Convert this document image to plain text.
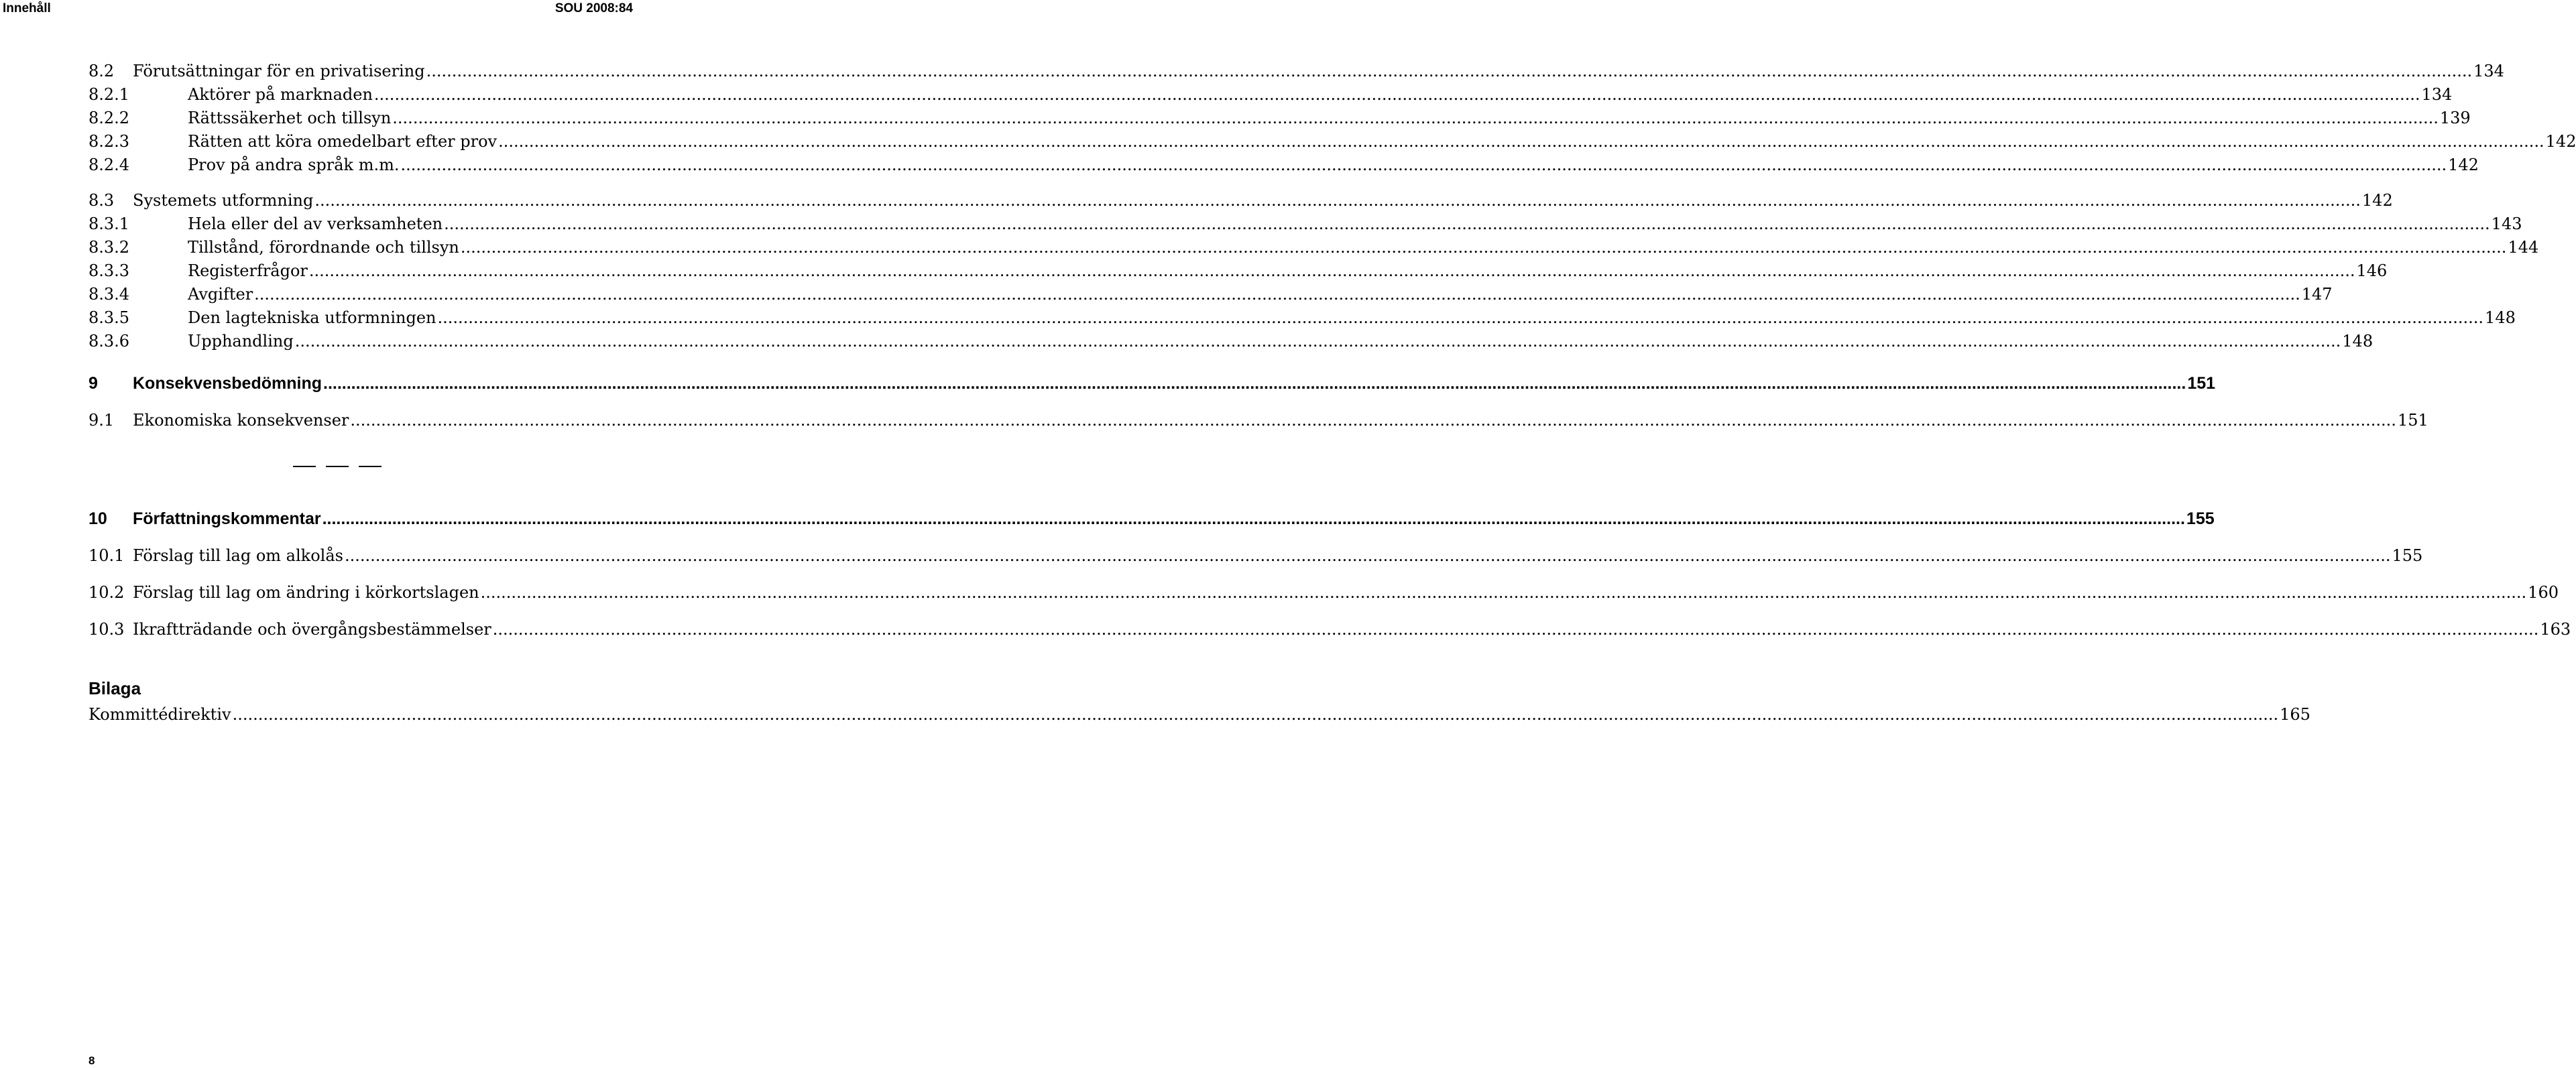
Innehåll	SOU 2008:84
8.2	Förutsättningar för en privatisering ................................................................................................................................................................................................................................................................................................................................................................................................................ 134
8.2.1	Aktörer på marknaden ................................................................................................................................................................................................................................................................................................................................................................................................................ 134
8.2.2	Rättssäkerhet och tillsyn ................................................................................................................................................................................................................................................................................................................................................................................................................ 139
8.2.3	Rätten att köra omedelbart efter prov ................................................................................................................................................................................................................................................................................................................................................................................................................ 142
8.2.4	Prov på andra språk m.m. ................................................................................................................................................................................................................................................................................................................................................................................................................ 142
8.3	Systemets utformning ................................................................................................................................................................................................................................................................................................................................................................................................................ 142
8.3.1	Hela eller del av verksamheten ................................................................................................................................................................................................................................................................................................................................................................................................................ 143
8.3.2	Tillstånd, förordnande och tillsyn ................................................................................................................................................................................................................................................................................................................................................................................................................ 144
8.3.3	Registerfrågor ................................................................................................................................................................................................................................................................................................................................................................................................................ 146
8.3.4	Avgifter ................................................................................................................................................................................................................................................................................................................................................................................................................ 147
8.3.5	Den lagtekniska utformningen ................................................................................................................................................................................................................................................................................................................................................................................................................ 148
8.3.6	Upphandling ................................................................................................................................................................................................................................................................................................................................................................................................................ 148
9	Konsekvensbedömning ................................................................................................................................................................................................................................................................................................................................................................................................................ 151
9.1	Ekonomiska konsekvenser ................................................................................................................................................................................................................................................................................................................................................................................................................ 151
10	Författningskommentar ................................................................................................................................................................................................................................................................................................................................................................................................................ 155
10.1 Förslag till lag om alkolås ................................................................................................................................................................................................................................................................................................................................................................................................................ 155
10.2 Förslag till lag om ändring i körkortslagen ................................................................................................................................................................................................................................................................................................................................................................................................................ 160
10.3 Ikraftträdande och övergångsbestämmelser ................................................................................................................................................................................................................................................................................................................................................................................................................ 163
Kommittédirektiv ................................................................................................................................................................................................................................................................................................................................................................................................................ 165
Bilaga
8
